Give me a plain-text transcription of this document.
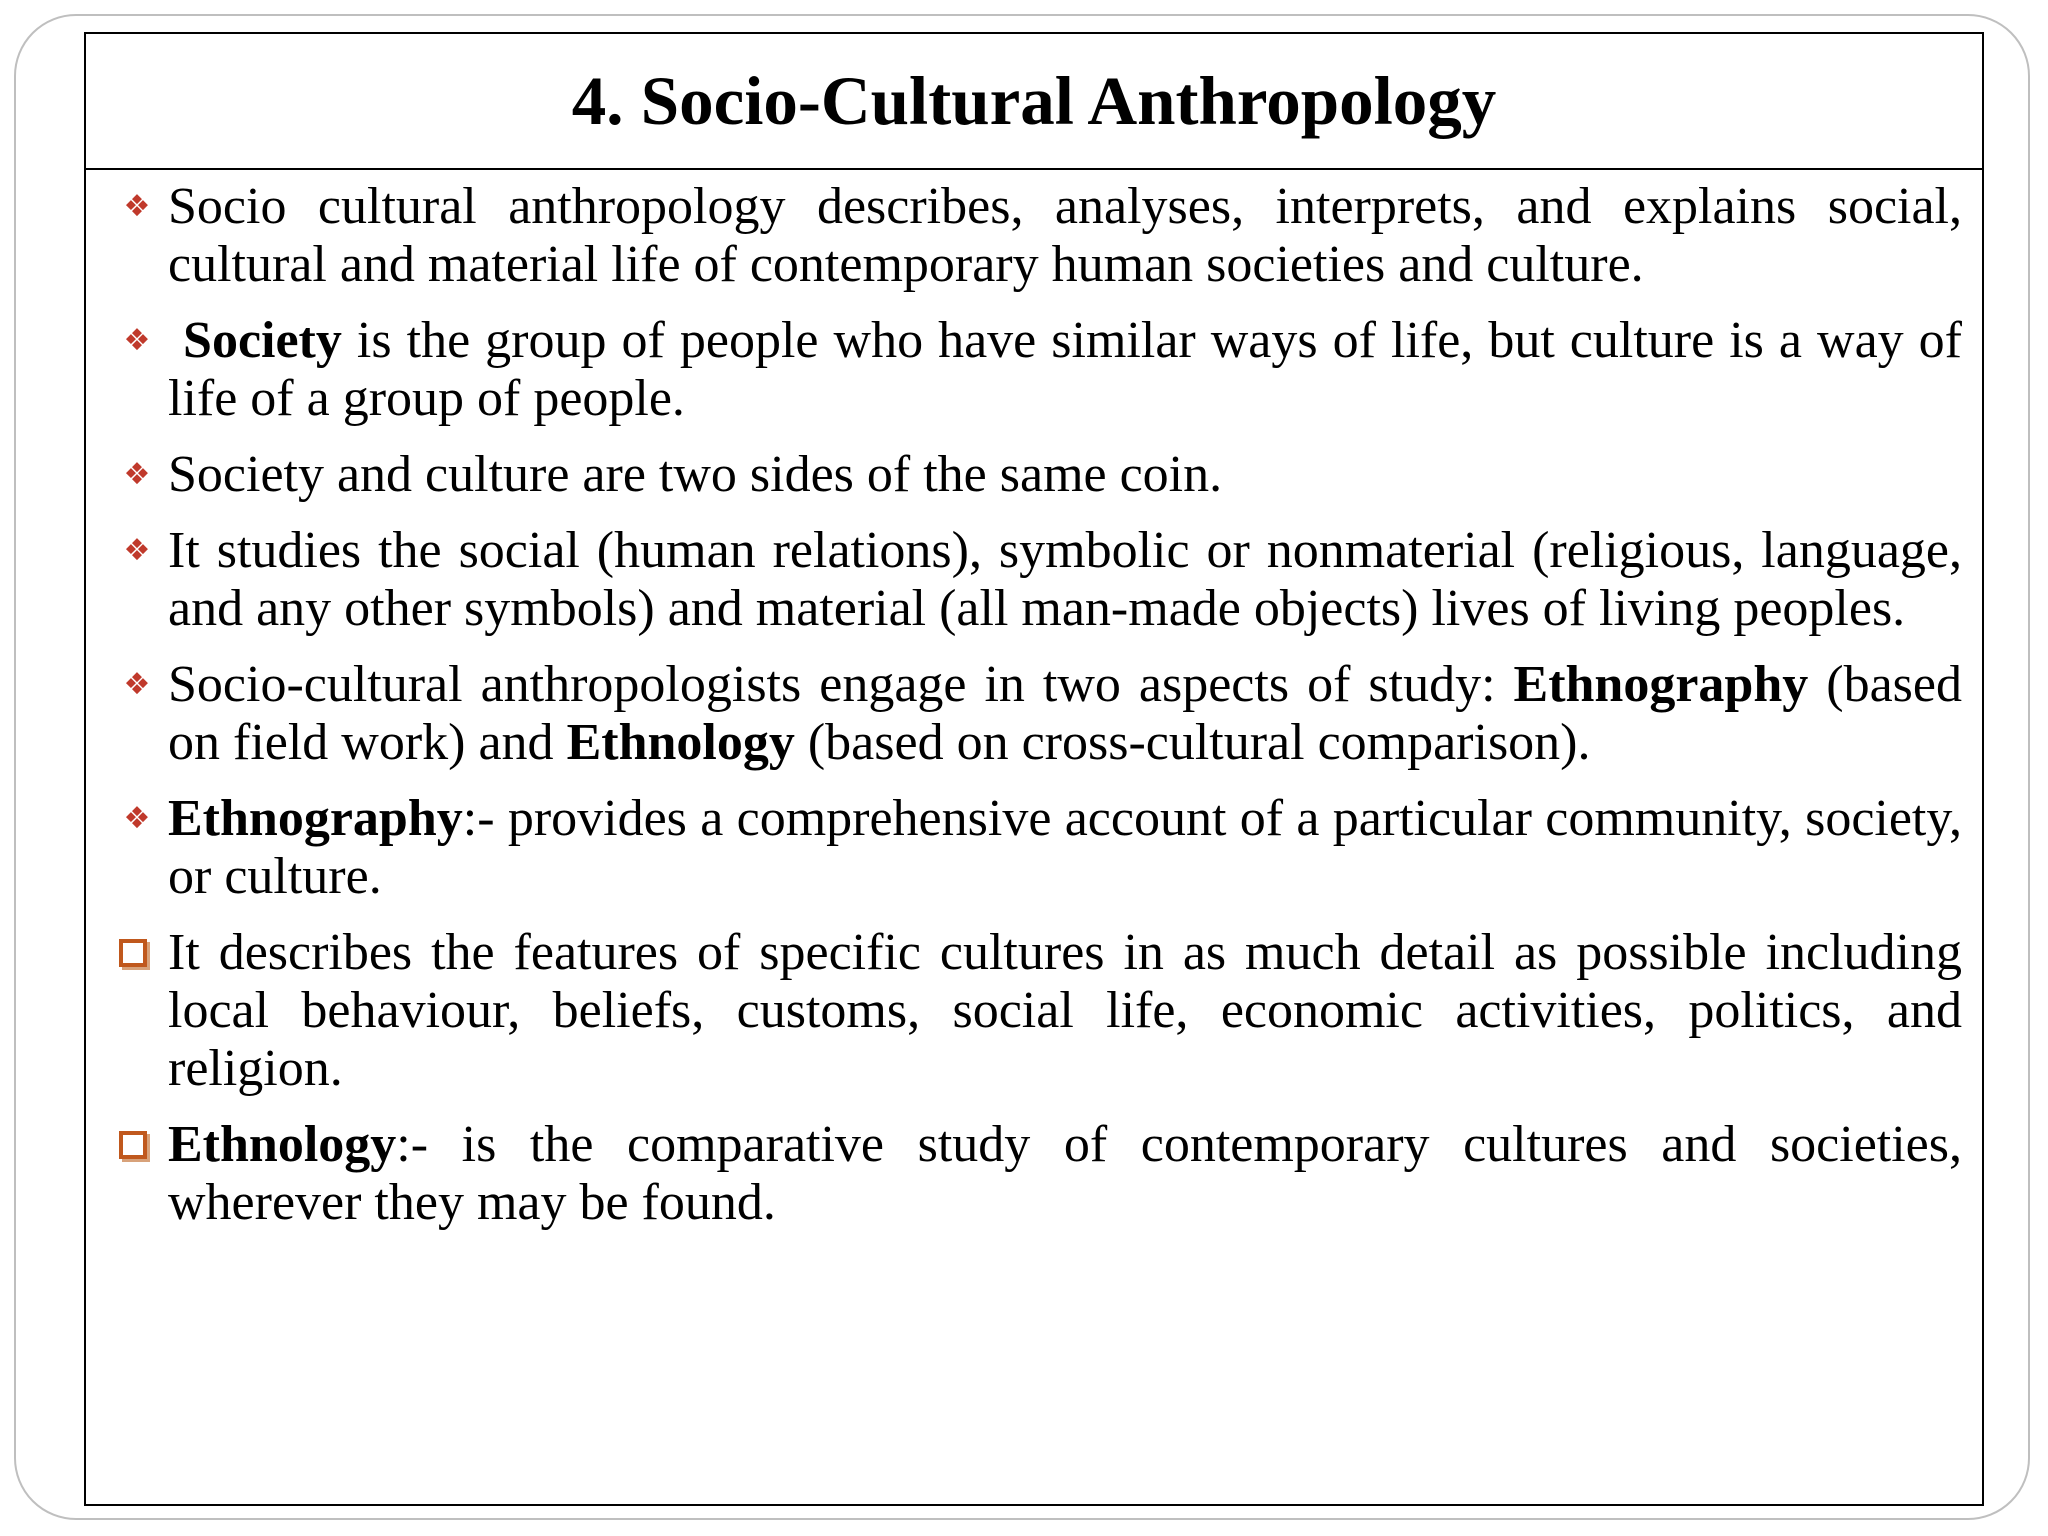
4. Socio-Cultural Anthropology
❖ Socio cultural anthropology describes, analyses, interprets, and explains social, cultural and material life of contemporary human societies and culture.
❖ Society is the group of people who have similar ways of life, but culture is a way of life of a group of people.
❖ Society and culture are two sides of the same coin.
❖ It studies the social (human relations), symbolic or nonmaterial (religious, language, and any other symbols) and material (all man-made objects) lives of living peoples.
❖ Socio-cultural anthropologists engage in two aspects of study: Ethnography (based on field work) and Ethnology (based on cross-cultural comparison).
❖ Ethnography:- provides a comprehensive account of a particular community, society, or culture.
It describes the features of specific cultures in as much detail as possible including local behaviour, beliefs, customs, social life, economic activities, politics, and religion.
Ethnology:- is the comparative study of contemporary cultures and societies, wherever they may be found.
